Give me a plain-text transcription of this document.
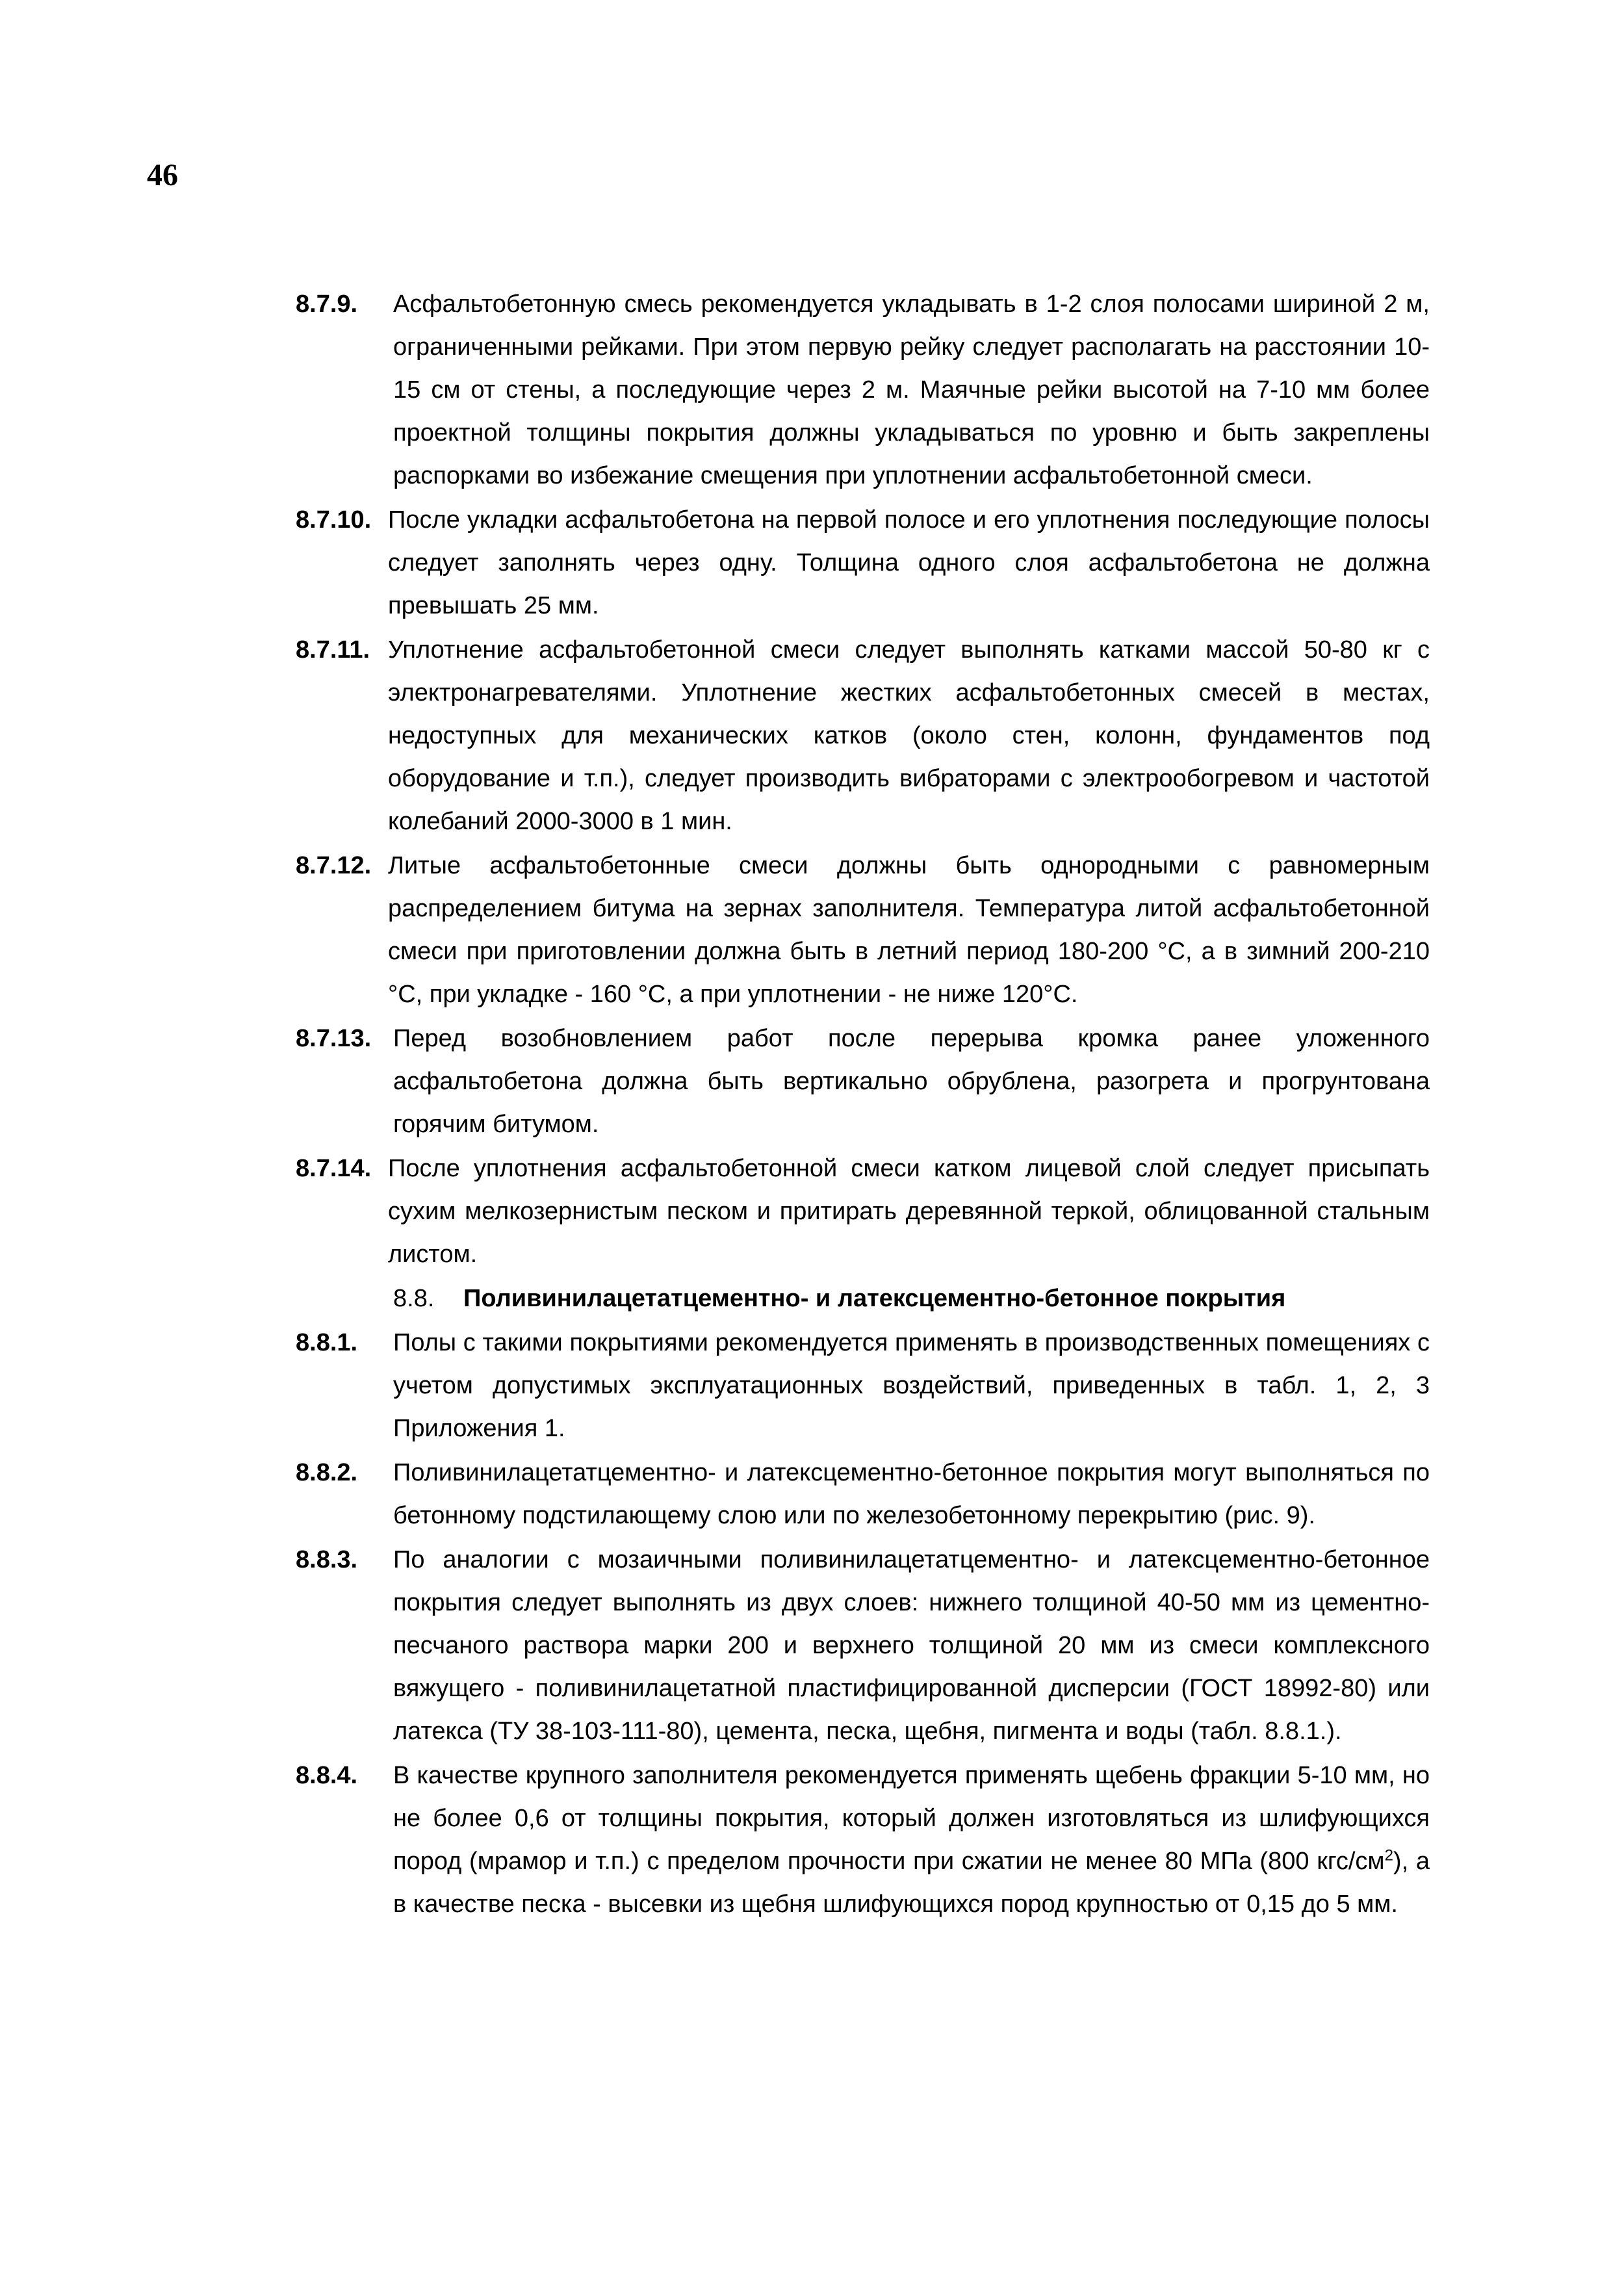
46
8.7.9.	Асфальтобетонную смесь рекомендуется укладывать в 1-2 слоя полосами шириной 2 м, ограниченными рейками. При этом первую рейку следует располагать на расстоянии 10-15 см от стены, а последующие через 2 м. Маячные рейки высотой на 7-10 мм более проектной толщины покрытия должны укладываться по уровню и быть закреплены распорками во избежание смещения при уплотнении асфальтобетонной смеси.
8.7.10. После укладки асфальтобетона на первой полосе и его уплотнения последующие полосы следует заполнять через одну. Толщина одного слоя асфальтобетона не должна превышать 25 мм.
8.7.11. Уплотнение асфальтобетонной смеси следует выполнять катками массой 50-80 кг с электронагревателями. Уплотнение жестких асфальтобетонных смесей в местах, недоступных для механических катков (около стен, колонн, фундаментов под оборудование и т.п.), следует производить вибраторами с электрообогревом и частотой колебаний 2000-3000 в 1 мин.
8.7.12. Литые асфальтобетонные смеси должны быть однородными с равномерным распределением битума на зернах заполнителя. Температура литой асфальтобетонной смеси при приготовлении должна быть в летний период 180-200 °С, а в зимний 200-210 °С, при укладке - 160 °С, а при уплотнении - не ниже 120°С.
8.7.13. Перед возобновлением работ после перерыва кромка ранее уложенного асфальтобетона должна быть вертикально обрублена, разогрета и прогрунтована горячим битумом.
8.7.14. После уплотнения асфальтобетонной смеси катком лицевой слой следует присыпать сухим мелкозернистым песком и притирать деревянной теркой, облицованной стальным листом.
8.8.	Поливинилацетатцементно- и латексцементно-бетонное покрытия
8.8.1.	Полы с такими покрытиями рекомендуется применять в производственных помещениях с учетом допустимых эксплуатационных воздействий, приведенных в табл. 1, 2, 3 Приложения 1.
8.8.2.	Поливинилацетатцементно- и латексцементно-бетонное покрытия могут выполняться по бетонному подстилающему слою или по железобетонному перекрытию (рис. 9).
8.8.3.	По аналогии с мозаичными поливинилацетатцементно- и латексцементно-бетонное покрытия следует выполнять из двух слоев: нижнего толщиной 40-50 мм из цементно-песчаного раствора марки 200 и верхнего толщиной 20 мм из смеси комплексного вяжущего - поливинилацетатной пластифицированной дисперсии (ГОСТ 18992-80) или латекса (ТУ 38-103-111-80), цемента, песка, щебня, пигмента и воды (табл. 8.8.1.).
8.8.4.	В качестве крупного заполнителя рекомендуется применять щебень фракции 5-10 мм, но не более 0,6 от толщины покрытия, который должен изготовляться из шлифующихся пород (мрамор и т.п.) с пределом прочности при сжатии не менее 80 МПа (800 кгс/$см^2$), а в качестве песка - высевки из щебня шлифующихся пород крупностью от 0,15 до 5 мм.
